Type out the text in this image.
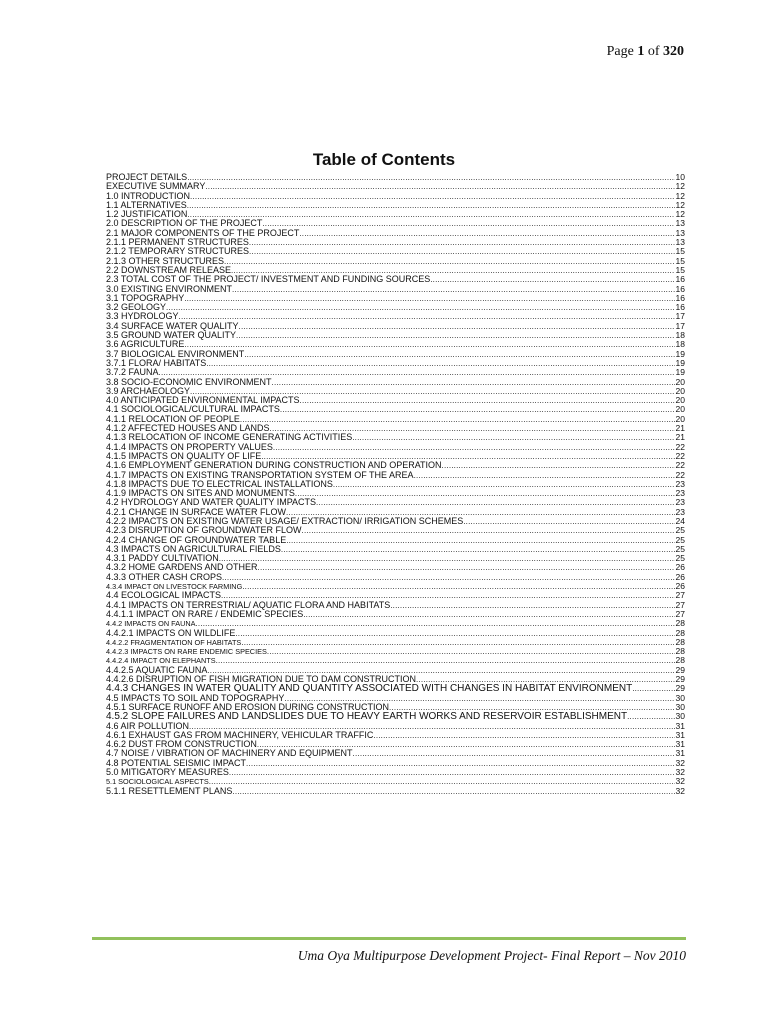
Page 1 of 320
Table of Contents
PROJECT DETAILS .....	10
EXECUTIVE SUMMARY .....	12
1.0 INTRODUCTION .....	12
1.1 ALTERNATIVES .....	12
1.2 JUSTIFICATION .....	12
2.0 DESCRIPTION OF THE PROJECT .....	13
2.1 MAJOR COMPONENTS OF THE PROJECT .....	13
2.1.1 PERMANENT STRUCTURES .....	13
2.1.2 TEMPORARY STRUCTURES .....	15
2.1.3 OTHER STRUCTURES .....	15
2.2 DOWNSTREAM RELEASE .....	15
2.3 TOTAL COST OF THE PROJECT/ INVESTMENT AND FUNDING SOURCES .....	16
3.0 EXISTING ENVIRONMENT .....	16
3.1 TOPOGRAPHY .....	16
3.2 GEOLOGY .....	16
3.3 HYDROLOGY .....	17
3.4 SURFACE WATER QUALITY .....	17
3.5 GROUND WATER QUALITY .....	18
3.6 AGRICULTURE .....	18
3.7 BIOLOGICAL ENVIRONMENT .....	19
3.7.1 FLORA/ HABITATS .....	19
3.7.2 FAUNA .....	19
3.8 SOCIO-ECONOMIC ENVIRONMENT .....	20
3.9 ARCHAEOLOGY .....	20
4.0 ANTICIPATED ENVIRONMENTAL IMPACTS .....	20
4.1 SOCIOLOGICAL/CULTURAL IMPACTS .....	20
4.1.1 RELOCATION OF PEOPLE .....	20
4.1.2 AFFECTED HOUSES AND LANDS .....	21
4.1.3 RELOCATION OF INCOME GENERATING ACTIVITIES .....	21
4.1.4 IMPACTS ON PROPERTY VALUES .....	22
4.1.5 IMPACTS ON QUALITY OF LIFE .....	22
4.1.6 EMPLOYMENT GENERATION DURING CONSTRUCTION AND OPERATION .....	22
4.1.7 IMPACTS ON EXISTING TRANSPORTATION SYSTEM OF THE AREA .....	22
4.1.8 IMPACTS DUE TO ELECTRICAL INSTALLATIONS .....	23
4.1.9 IMPACTS ON SITES AND MONUMENTS .....	23
4.2 HYDROLOGY AND WATER QUALITY IMPACTS .....	23
4.2.1 CHANGE IN SURFACE WATER FLOW .....	23
4.2.2 IMPACTS ON EXISTING WATER USAGE/ EXTRACTION/ IRRIGATION SCHEMES .....	24
4.2.3 DISRUPTION OF GROUNDWATER FLOW .....	25
4.2.4 CHANGE OF GROUNDWATER TABLE .....	25
4.3 IMPACTS ON AGRICULTURAL FIELDS .....	25
4.3.1 PADDY CULTIVATION .....	25
4.3.2 HOME GARDENS AND OTHER .....	26
4.3.3 OTHER CASH CROPS .....	26
4.3.4 IMPACT ON LIVESTOCK FARMING .....	26
4.4 ECOLOGICAL IMPACTS .....	27
4.4.1 IMPACTS ON TERRESTRIAL/ AQUATIC FLORA AND HABITATS .....	27
4.4.1.1 IMPACT ON RARE / ENDEMIC SPECIES .....	27
4.4.2 IMPACTS ON FAUNA .....	28
4.4.2.1 IMPACTS ON WILDLIFE .....	28
4.4.2.2 FRAGMENTATION OF HABITATS .....	28
4.4.2.3 IMPACTS ON RARE ENDEMIC SPECIES .....	28
4.4.2.4 IMPACT ON ELEPHANTS .....	28
4.4.2.5 AQUATIC FAUNA .....	29
4.4.2.6 DISRUPTION OF FISH MIGRATION DUE TO DAM CONSTRUCTION .....	29
4.4.3 CHANGES IN WATER QUALITY AND QUANTITY ASSOCIATED WITH CHANGES IN HABITAT ENVIRONMENT .....	29
4.5 IMPACTS TO SOIL AND TOPOGRAPHY .....	30
4.5.1 SURFACE RUNOFF AND EROSION DURING CONSTRUCTION .....	30
4.5.2 SLOPE FAILURES AND LANDSLIDES DUE TO HEAVY EARTH WORKS AND RESERVOIR ESTABLISHMENT .....	30
4.6 AIR POLLUTION .....	31
4.6.1 EXHAUST GAS FROM MACHINERY, VEHICULAR TRAFFIC .....	31
4.6.2 DUST FROM CONSTRUCTION .....	31
4.7 NOISE / VIBRATION OF MACHINERY AND EQUIPMENT .....	31
4.8 POTENTIAL SEISMIC IMPACT .....	32
5.0 MITIGATORY MEASURES .....	32
5.1 SOCIOLOGICAL ASPECTS .....	32
5.1.1 RESETTLEMENT PLANS .....	32
Uma Oya Multipurpose Development Project- Final Report – Nov 2010
